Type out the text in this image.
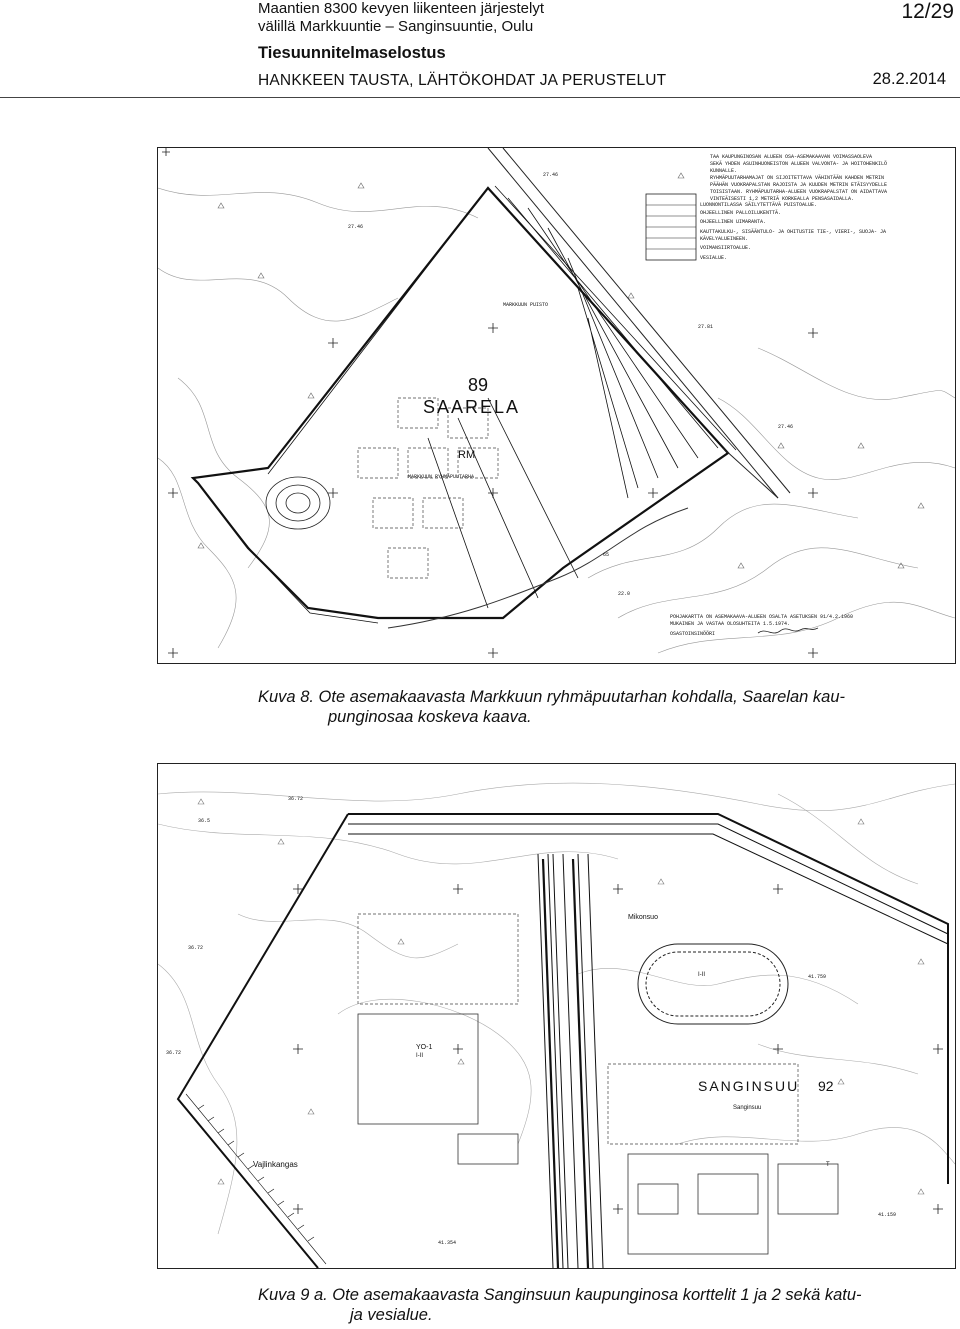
Maantien 8300 kevyen liikenteen järjestelyt
välillä Markkuuntie – Sanginsuuntie, Oulu
Tiesuunnitelmaselostus
HANKKEEN TAUSTA, LÄHTÖKOHDAT JA PERUSTELUT
12/29
28.2.2014
89
SAARELA
RM
MARKKUUN PUISTO
MARKKUUN RYHMÄPUUTARHA
27.46
27.46
27.81
27.46
22.0
65
TAA KAUPUNGINOSAN ALUEEN OSA-ASEMAKAAVAN VOIMASSAOLEVA
SEKÄ YHDEN ASUINHUONEISTON ALUEEN VALVONTA- JA HOITOHENKILÖ
KUNNALLE.
RYHMÄPUUTARHAMAJAT ON SIJOITETTAVA VÄHINTÄÄN KAHDEN METRIN
PÄÄHÄN VUOKRAPALSTAN RAJOISTA JA KUUDEN METRIN ETÄISYYDELLE
TOISISTAAN. RYHMÄPUUTARHA-ALUEEN VUOKRAPALSTAT ON AIDATTAVA
VINTEÄISESTI 1,2 METRIÄ KORKEALLA PENSASAIDALLA.
LUONNONTILASSA SÄILYTETTÄVÄ PUISTOALUE.
OHJEELLINEN PALLOILUKENTTÄ.
OHJEELLINEN UIMARANTA.
KAUTTAKULKU-, SISÄÄNTULO- JA OHITUSTIE TIE-, VIERI-, SUOJA- JA
KÄVELYALUEINEEN.
VOIMANSIIRTOALUE.
VESIALUE.
POHJAKARTTA ON ASEMAKAAVA-ALUEEN OSALTA ASETUKSEN 91/4.2.1960
MUKAINEN JA VASTAA OLOSUHTEITA 1.5.1974.
OSASTOINSINÖÖRI
Kuva 8. Ote asemakaavasta Markkuun ryhmäpuutarhan kohdalla, Saarelan kau-
punginosaa koskeva kaava.
SANGINSUU 92
Mikonsuo
Vajlinkangas
Sanginsuu
YO-1
I-II
I-II
T
36.72
36.72
36.72
36.5
41.759
41.159
41.354
Kuva 9 a. Ote asemakaavasta Sanginsuun kaupunginosa korttelit 1 ja 2 sekä katu-
ja vesialue.
